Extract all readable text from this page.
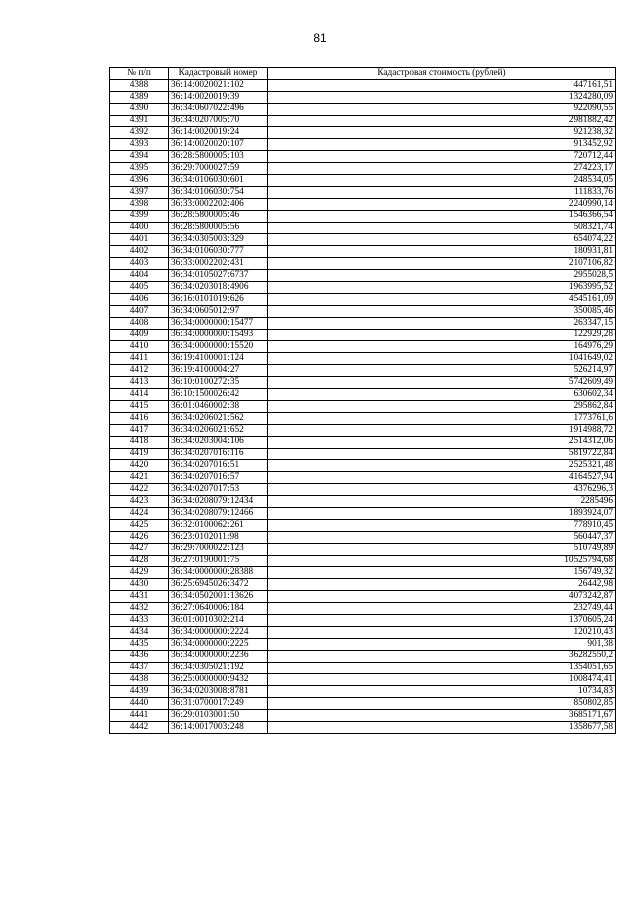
81
№ п/п	Кадастровый номер	Кадастровая стоимость (рублей)
4388	36:14:0020021:102	447161,51
4389	36:14:0020019:39	1324280,09
4390	36:34:0607022:496	922090,55
4391	36:34:0207005:70	2981882,42
4392	36:14:0020019:24	921238,32
4393	36:14:0020020:107	913452,92
4394	36:28:5800005:103	720712,44
4395	36:29:7000027:59	274223,17
4396	36:34:0106030:601	248534,05
4397	36:34:0106030:754	111833,76
4398	36:33:0002202:406	2240990,14
4399	36:28:5800005:46	1546366,54
4400	36:28:5800005:56	508321,74
4401	36:34:0305003:329	654074,22
4402	36:34:0106030:777	180931,81
4403	36:33:0002202:431	2107106,82
4404	36:34:0105027:6737	2955028,5
4405	36:34:0203018:4906	1963995,52
4406	36:16:0101019:626	4545161,09
4407	36:34:0605012:97	350085,46
4408	36:34:0000000:15477	263347,15
4409	36:34:0000000:15493	122929,28
4410	36:34:0000000:15520	164976,29
4411	36:19:4100001:124	1041649,02
4412	36:19:4100004:27	526214,97
4413	36:10:0100272:35	5742609,49
4414	36:10:1500026:42	630602,34
4415	36:01:0460002:38	295862,84
4416	36:34:0206021:562	1773761,6
4417	36:34:0206021:652	1914988,72
4418	36:34:0203004:106	2514312,06
4419	36:34:0207016:116	5819722,84
4420	36:34:0207016:51	2525321,48
4421	36:34:0207016:57	4164527,94
4422	36:34:0207017:53	4376296,3
4423	36:34:0208079:12434	2285496
4424	36:34:0208079:12466	1893924,07
4425	36:32:0100062:261	778910,45
4426	36:23:0102011:98	560447,37
4427	36:29:7000022:123	510749,89
4428	36:27:0190001:75	10525794,68
4429	36:34:0000000:28388	156749,32
4430	36:25:6945026:3472	26442,98
4431	36:34:0502001:13626	4073242,87
4432	36:27:0640006:184	232749,44
4433	36:01:0010302:214	1370605,24
4434	36:34:0000000:2224	120210,43
4435	36:34:0000000:2225	901,38
4436	36:34:0000000:2236	36282550,2
4437	36:34:0305021:192	1354051,65
4438	36:25:0000000:9432	1008474,41
4439	36:34:0203008:8781	10734,83
4440	36:31:0700017:249	850802,85
4441	36:29:0103001:50	3685171,67
4442	36:14:0017003:248	1358677,58
